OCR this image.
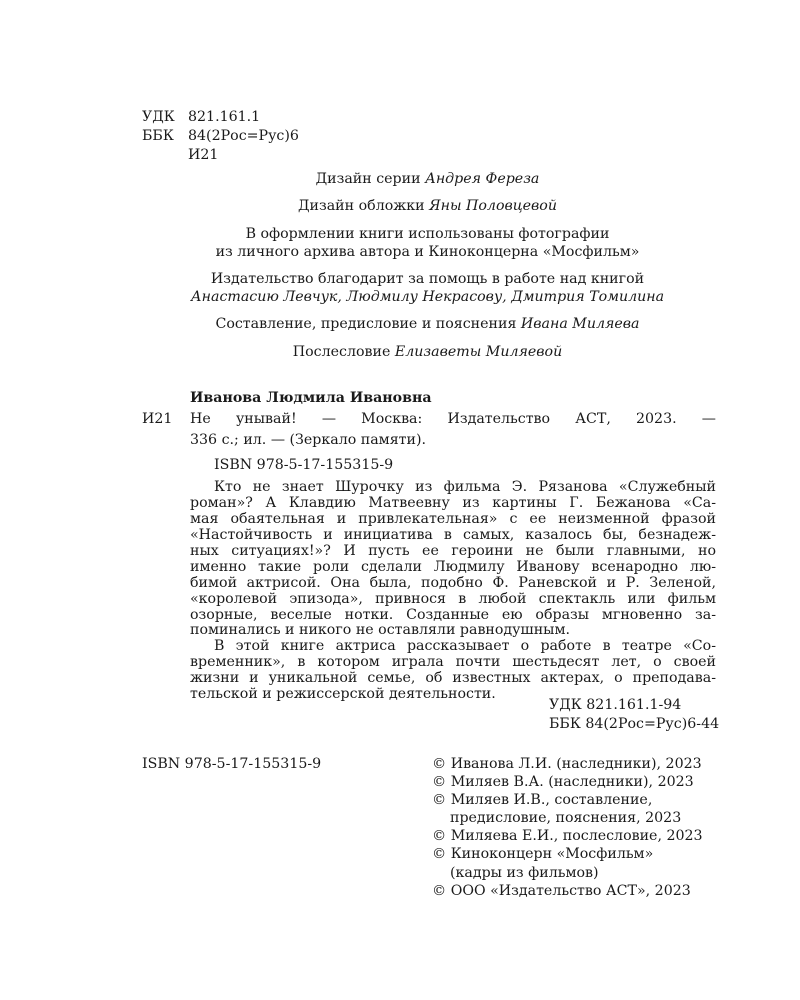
УДК 821.161.1
ББК 84(2Рос=Рус)6
И21
Дизайн серии Андрея Фереза
Дизайн обложки Яны Половцевой
В оформлении книги использованы фотографии
из личного архива автора и Киноконцерна «Мосфильм»
Издательство благодарит за помощь в работе над книгой
Анастасию Левчук, Людмилу Некрасову, Дмитрия Томилина
Составление, предисловие и пояснения Ивана Миляева
Послесловие Елизаветы Миляевой
Иванова Людмила Ивановна
И21 Не унывай! — Москва: Издательство АСТ, 2023. —
336 с.; ил. — (Зеркало памяти).
ISBN 978-5-17-155315-9
Кто не знает Шурочку из фильма Э. Рязанова «Служебный
роман»? А Клавдию Матвеевну из картины Г. Бежанова «Са-
мая обаятельная и привлекательная» с ее неизменной фразой
«Настойчивость и инициатива в самых, казалось бы, безнадеж-
ных ситуациях!»? И пусть ее героини не были главными, но
именно такие роли сделали Людмилу Иванову всенародно лю-
бимой актрисой. Она была, подобно Ф. Раневской и Р. Зеленой,
«королевой эпизода», привнося в любой спектакль или фильм
озорные, веселые нотки. Созданные ею образы мгновенно за-
поминались и никого не оставляли равнодушным.
В этой книге актриса рассказывает о работе в театре «Со-
временник», в котором играла почти шестьдесят лет, о своей
жизни и уникальной семье, об известных актерах, о преподава-
тельской и режиссерской деятельности.
УДК 821.161.1-94
ББК 84(2Рос=Рус)6-44
ISBN 978-5-17-155315-9	© Иванова Л.И. (наследники), 2023
© Миляев В.А. (наследники), 2023
© Миляев И.В., составление,
предисловие, пояснения, 2023
© Миляева Е.И., послесловие, 2023
© Киноконцерн «Мосфильм»
(кадры из фильмов)
© ООО «Издательство АСТ», 2023
